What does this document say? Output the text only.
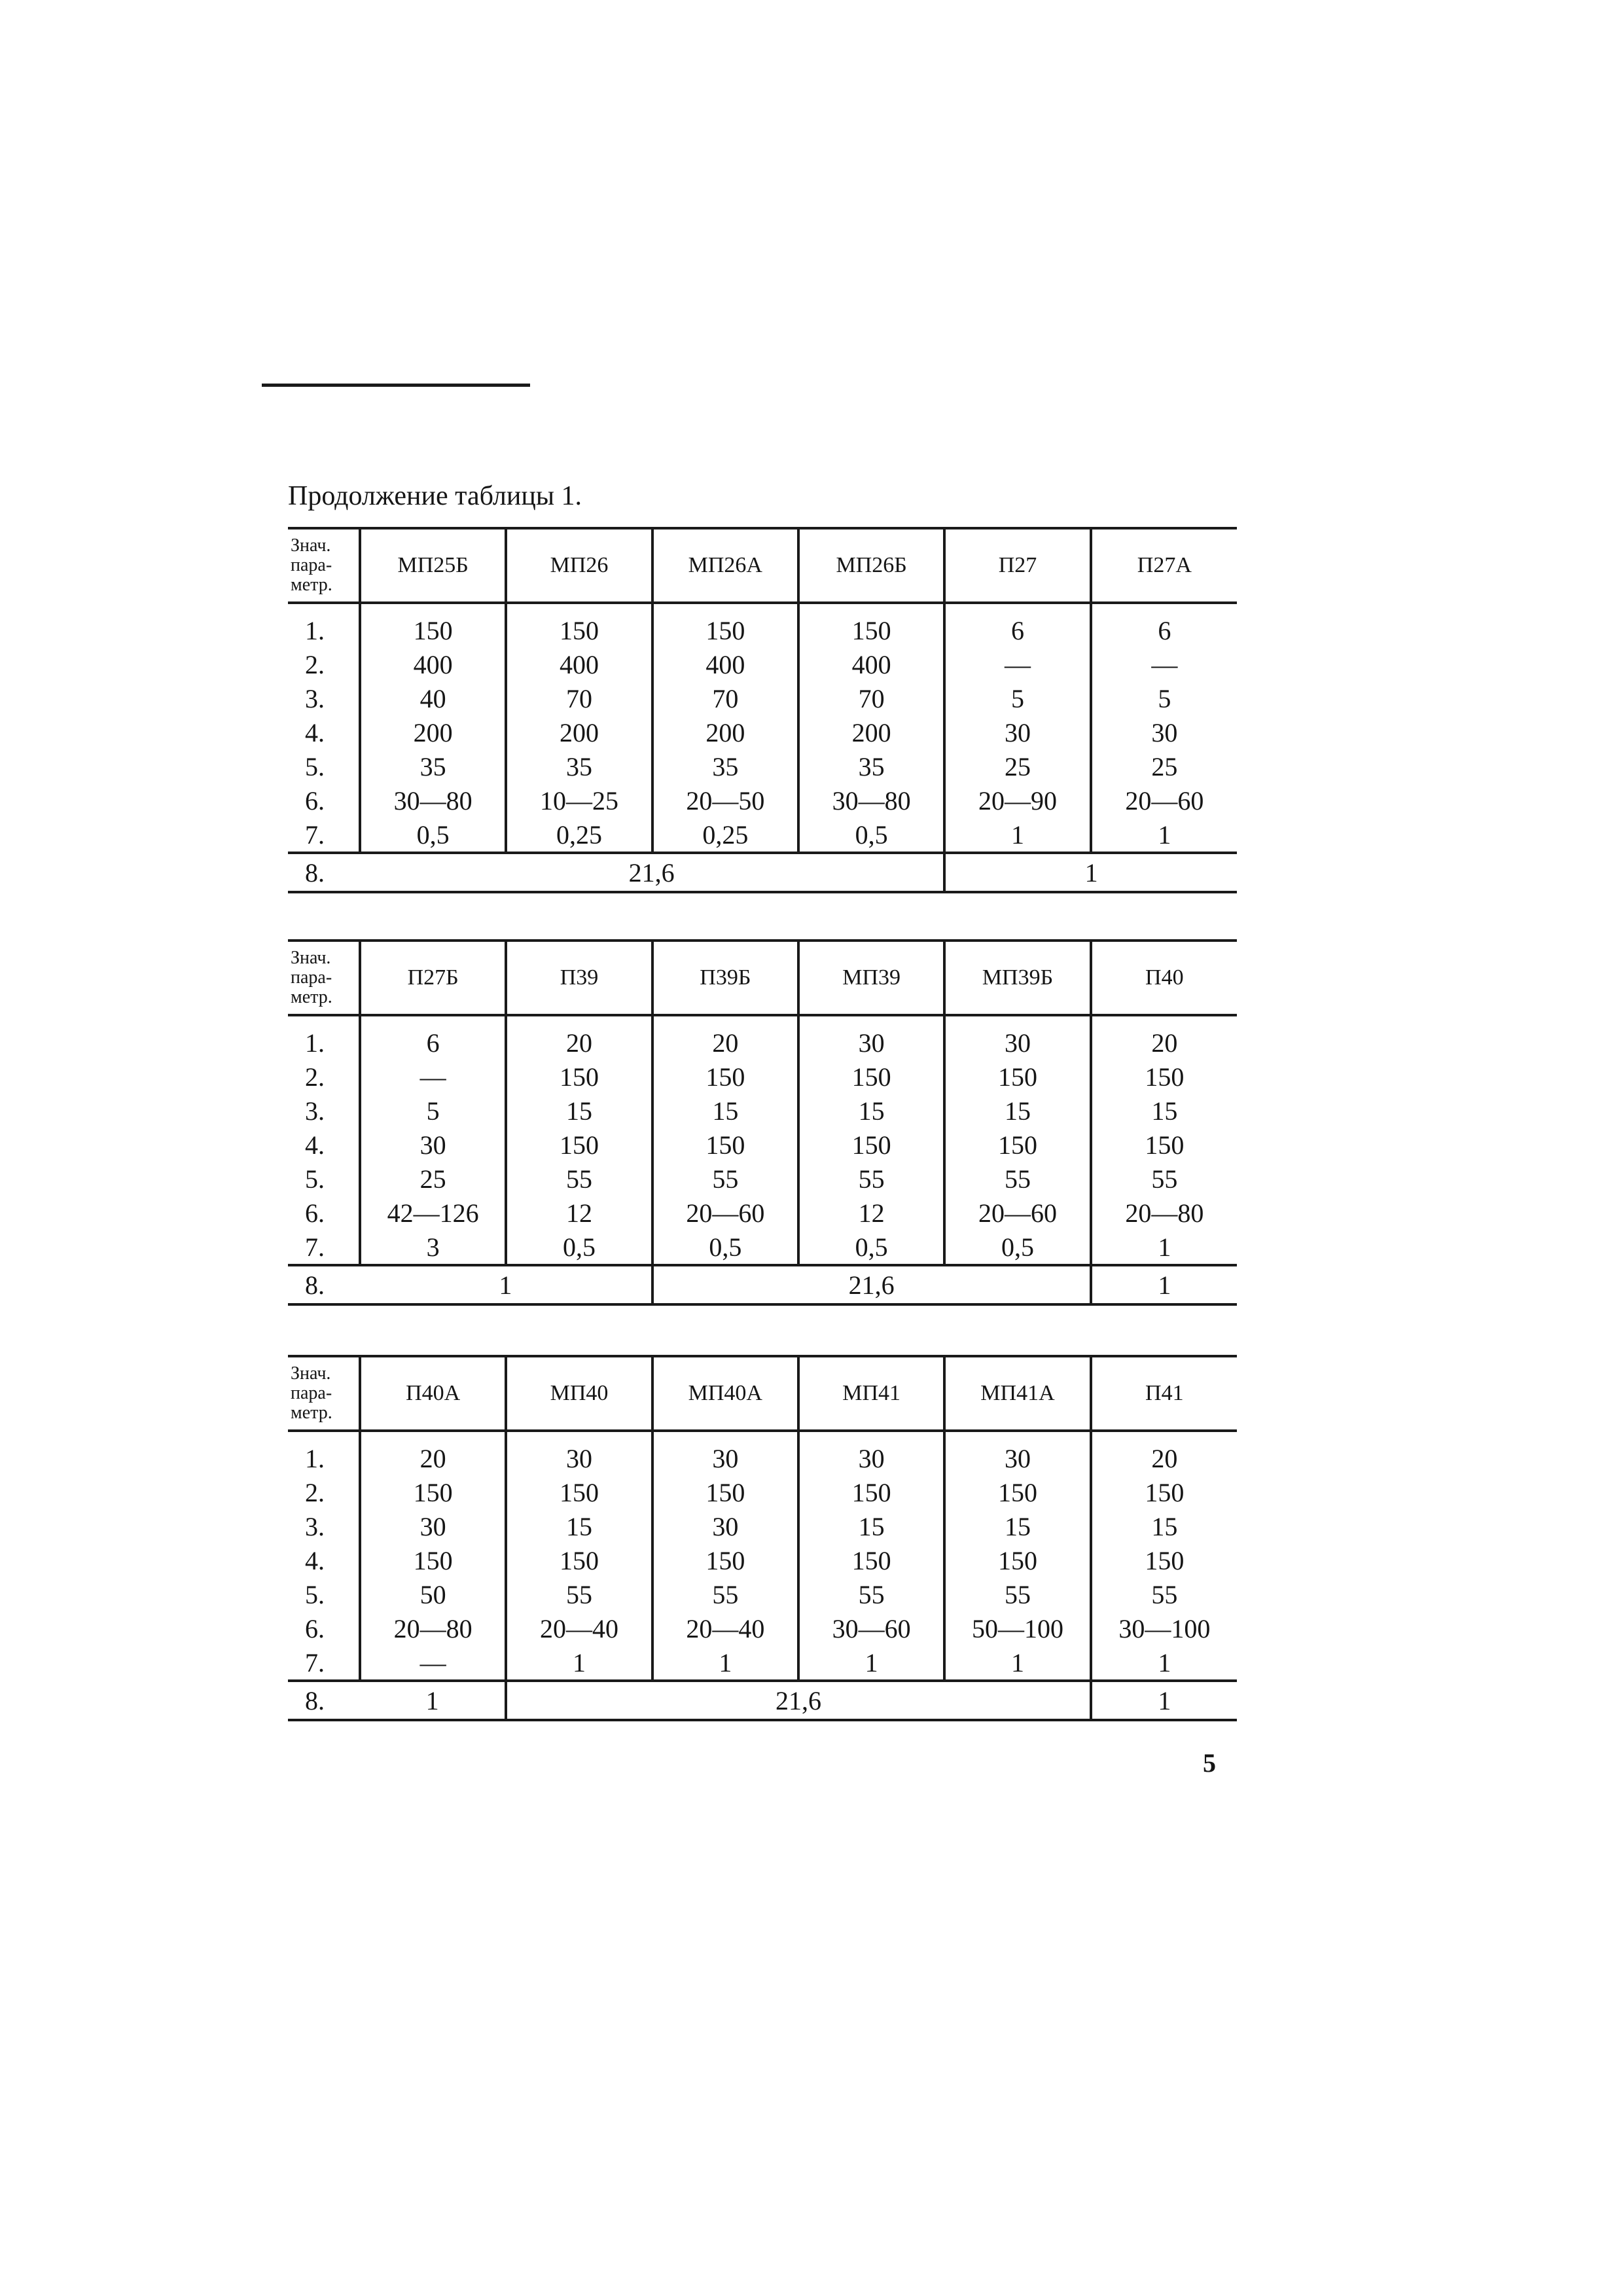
Продолжение таблицы 1.
Знач.
пара-
метр.	МП25Б	МП26	МП26А	МП26Б	П27	П27А
1.	150	150	150	150	6	6
2.	400	400	400	400	—	—
3.	40	70	70	70	5	5
4.	200	200	200	200	30	30
5.	35	35	35	35	25	25
6.	30—80	10—25	20—50	30—80	20—90	20—60
7.	0,5	0,25	0,25	0,5	1	1
8.	21,6				1	
Знач.
пара-
метр.	П27Б	П39	П39Б	МП39	МП39Б	П40
1.	6	20	20	30	30	20
2.	—	150	150	150	150	150
3.	5	15	15	15	15	15
4.	30	150	150	150	150	150
5.	25	55	55	55	55	55
6.	42—126	12	20—60	12	20—60	20—80
7.	3	0,5	0,5	0,5	0,5	1
8.	1		21,6			1
Знач.
пара-
метр.	П40А	МП40	МП40А	МП41	МП41А	П41
1.	20	30	30	30	30	20
2.	150	150	150	150	150	150
3.	30	15	30	15	15	15
4.	150	150	150	150	150	150
5.	50	55	55	55	55	55
6.	20—80	20—40	20—40	30—60	50—100	30—100
7.	—	1	1	1	1	1
8.	1	21,6				1
5
